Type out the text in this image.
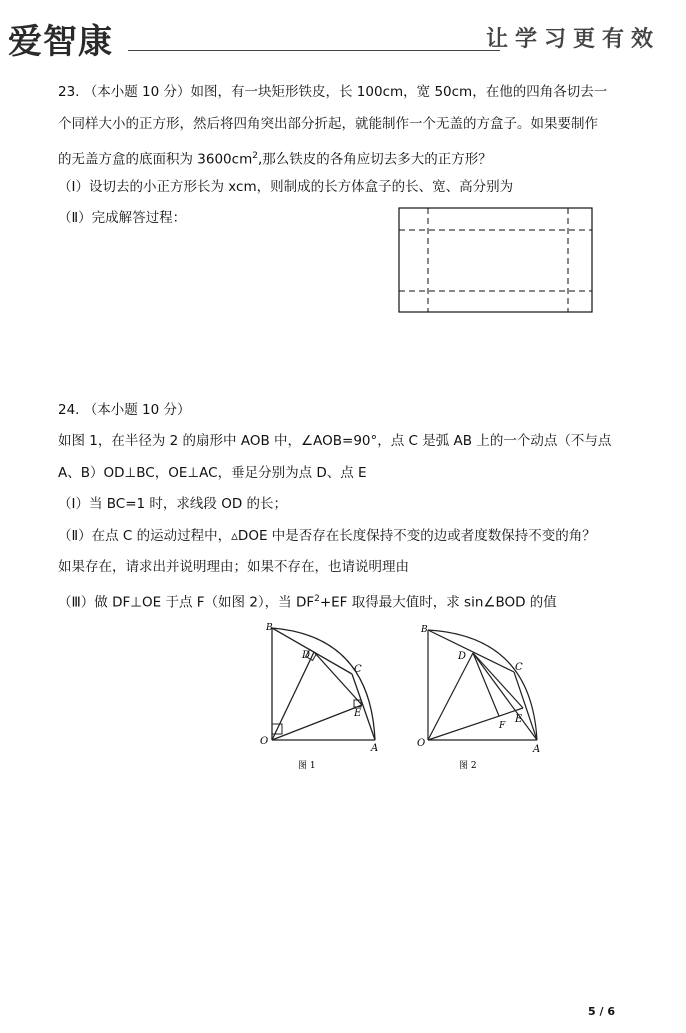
爱智康	让学习更有效
23. （本小题 10 分）如图，有一块矩形铁皮，长 100cm，宽 50cm，在他的四角各切去一
个同样大小的正方形，然后将四角突出部分折起，就能制作一个无盖的方盒子。如果要制作
的无盖方盒的底面积为 $3600cm^2$,那么铁皮的各角应切去多大的正方形？
（Ⅰ）设切去的小正方形长为 xcm，则制成的长方体盒子的长、宽、高分别为
（Ⅱ）完成解答过程：
24. （本小题 10 分）
如图 1，在半径为 2 的扇形中 AOB 中，∠AOB=90°，点 C 是弧 AB 上的一个动点（不与点
A、B）OD⊥BC，OE⊥AC，垂足分别为点 D、点 E
（Ⅰ）当 BC=1 时，求线段 OD 的长；
（Ⅱ）在点 C 的运动过程中，▵DOE 中是否存在长度保持不变的边或者度数保持不变的角？
如果存在，请求出并说明理由；如果不存在，也请说明理由
（Ⅲ）做 DF⊥OE 于点 F（如图 2），当 $DF^2+EF$ 取得最大值时，求 sin∠BOD 的值
B
C
D
E
O
A
图 1
B
C
D
F
E
O
A
图 2
5 / 6
